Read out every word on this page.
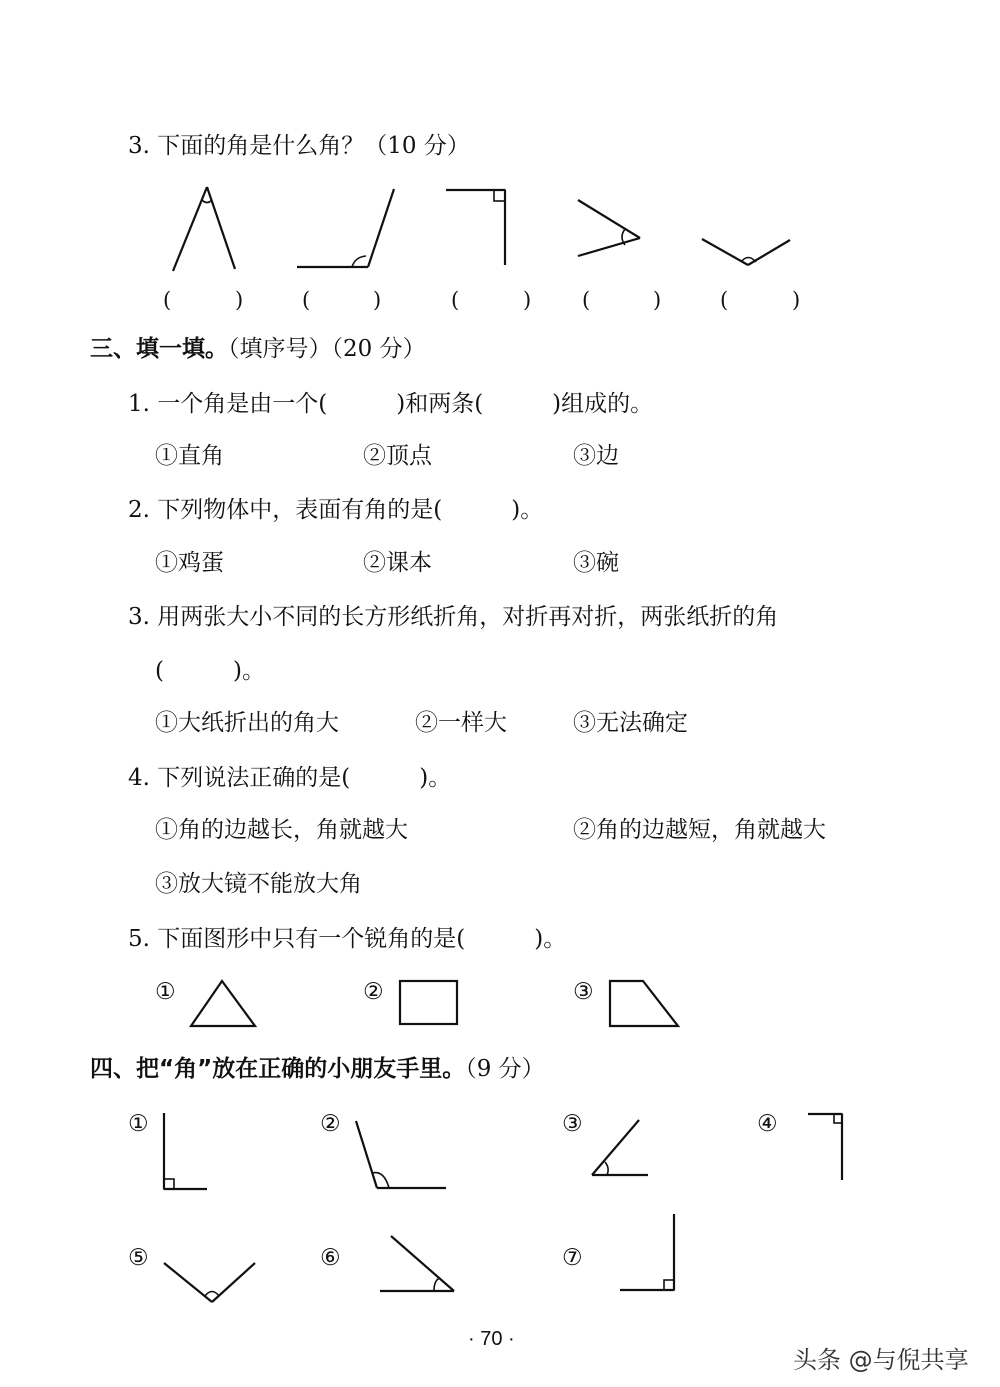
3. 下面的角是什么角？（10 分）
(	)	(	)	(	) (	)	(	)
三、填一填。（填序号）（20 分）
1. 一个角是由一个(　　　)和两条(　　　)组成的。
①直角	②顶点	③边
2. 下列物体中，表面有角的是(　　　)。
①鸡蛋	②课本	③碗
3. 用两张大小不同的长方形纸折角，对折再对折，两张纸折的角
(　　　)。
①大纸折出的角大	②一样大	③无法确定
4. 下列说法正确的是(　　　)。
①角的边越长，角就越大	②角的边越短，角就越大
③放大镜不能放大角
5. 下面图形中只有一个锐角的是(　　　)。
①	②	③
四、把“角”放在正确的小朋友手里。（9 分）
①	②	③	④
⑤	⑥	⑦
· 70 ·
头条 @与倪共享
